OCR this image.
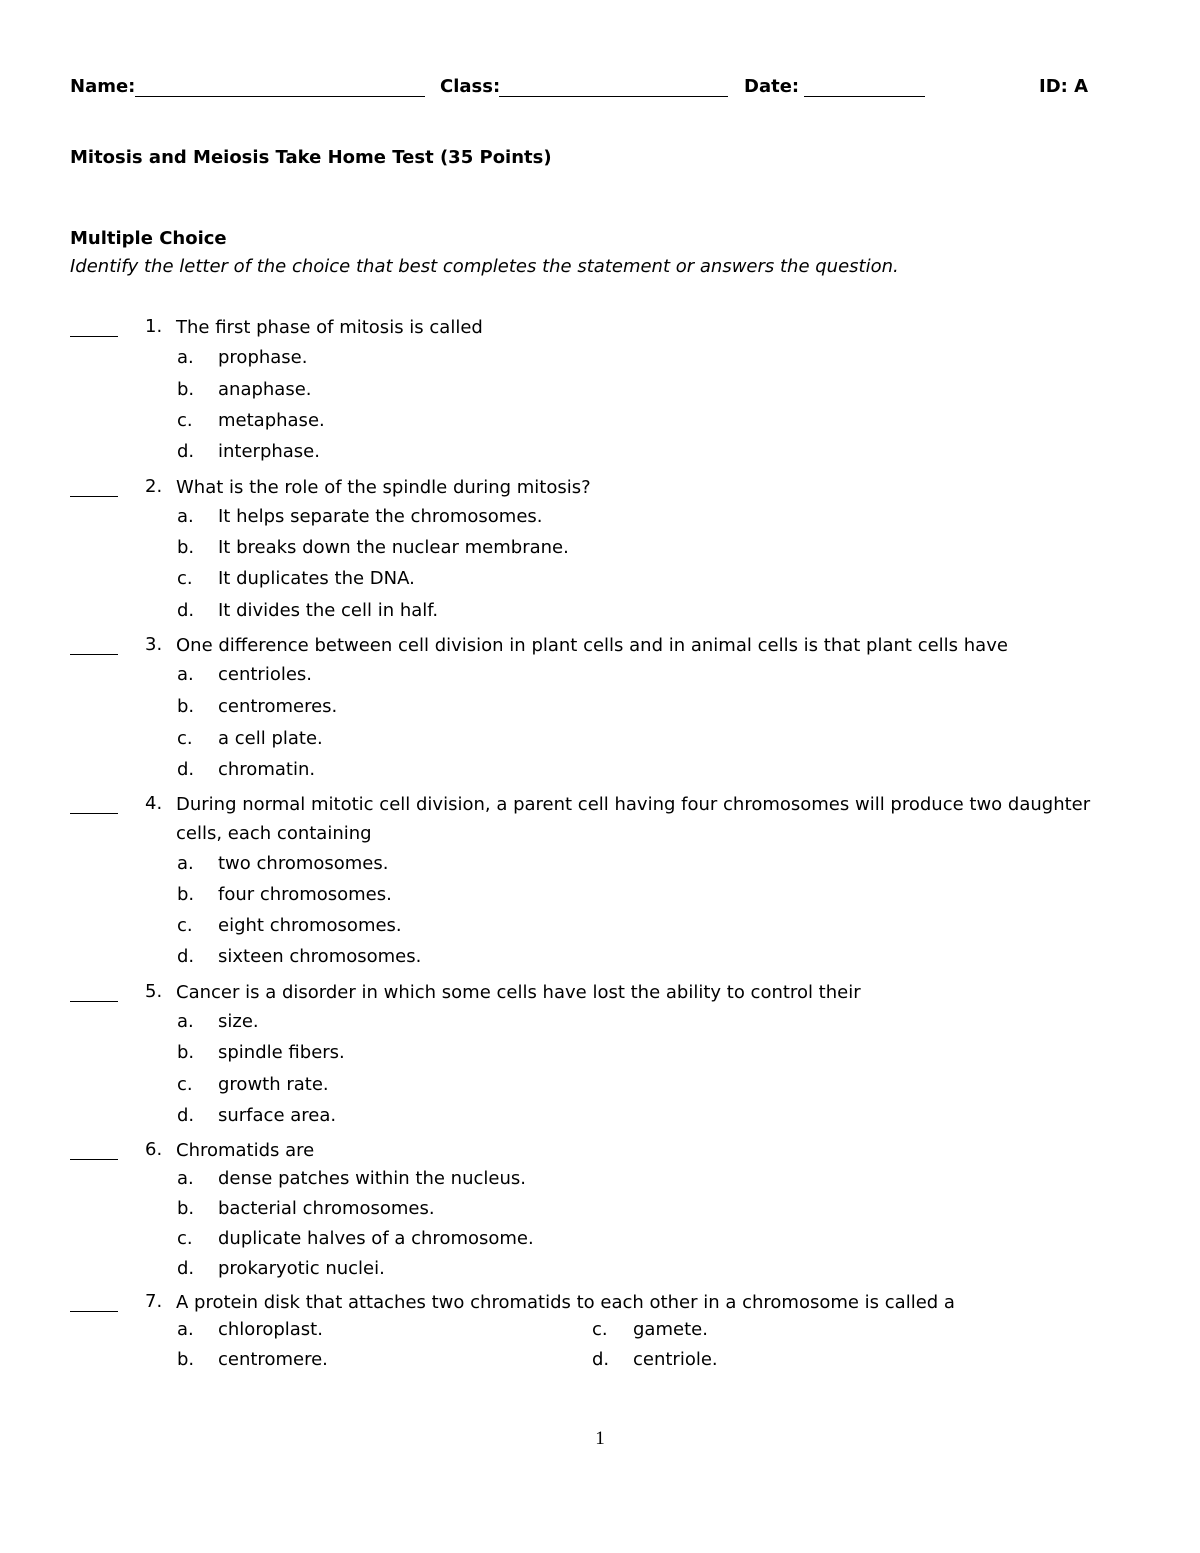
Name:	Class:	Date:	ID: A
Mitosis and Meiosis Take Home Test (35 Points)
Multiple Choice
Identify the letter of the choice that best completes the statement or answers the question.
1. The first phase of mitosis is called
a. prophase.
b. anaphase.
c. metaphase.
d. interphase.
2. What is the role of the spindle during mitosis?
a. It helps separate the chromosomes.
b. It breaks down the nuclear membrane.
c. It duplicates the DNA.
d. It divides the cell in half.
3. One difference between cell division in plant cells and in animal cells is that plant cells have
a. centrioles.
b. centromeres.
c. a cell plate.
d. chromatin.
4. During normal mitotic cell division, a parent cell having four chromosomes will produce two daughter cells, each containing
a. two chromosomes.
b. four chromosomes.
c. eight chromosomes.
d. sixteen chromosomes.
5. Cancer is a disorder in which some cells have lost the ability to control their
a. size.
b. spindle fibers.
c. growth rate.
d. surface area.
6. Chromatids are
a. dense patches within the nucleus.
b. bacterial chromosomes.
c. duplicate halves of a chromosome.
d. prokaryotic nuclei.
7. A protein disk that attaches two chromatids to each other in a chromosome is called a
a. chloroplast.
b. centromere.
c. gamete.
d. centriole.
1
